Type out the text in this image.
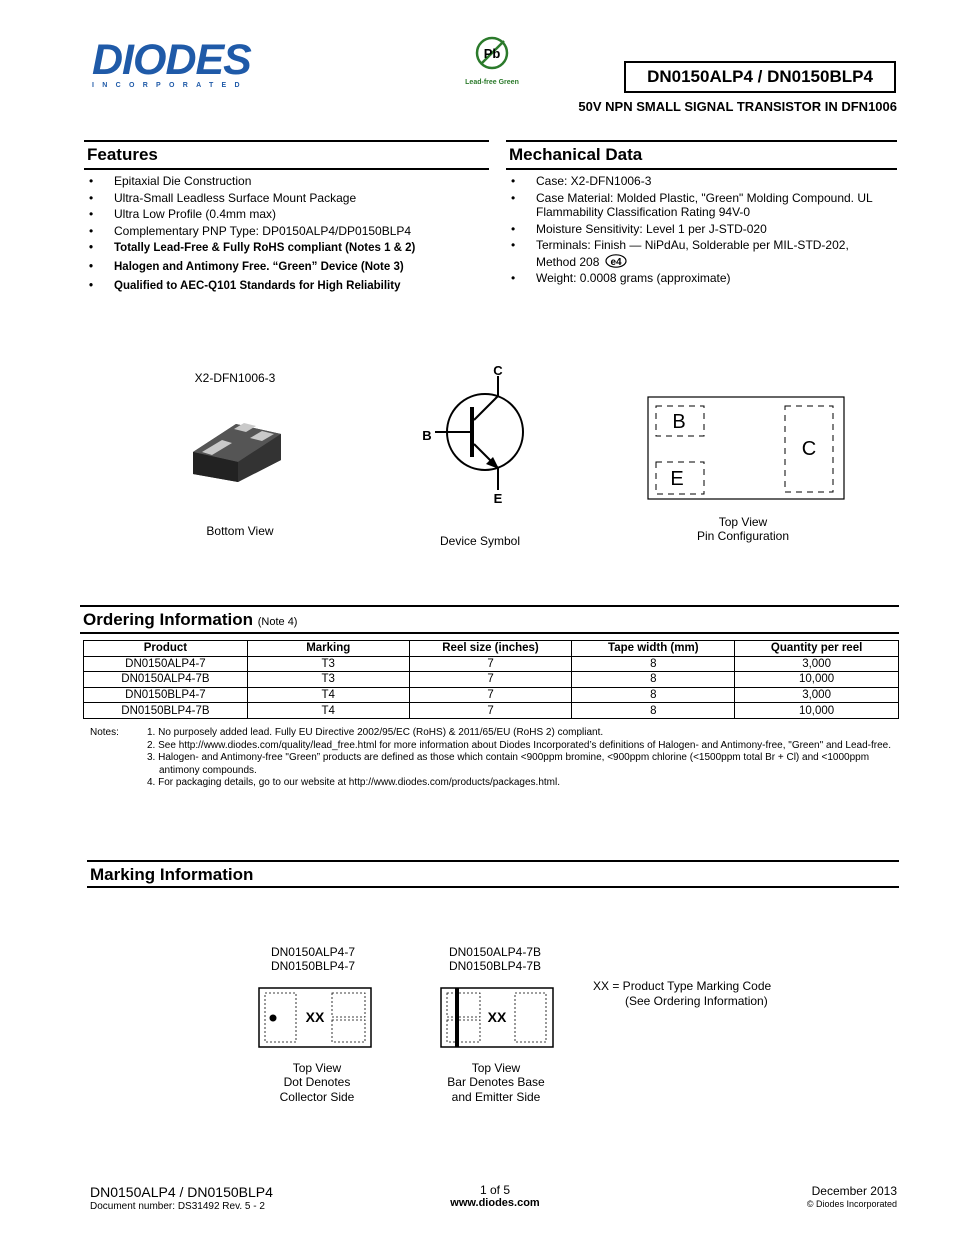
DIODES
INCORPORATED
Pb
Lead-free Green	DN0150ALP4 / DN0150BLP4
50V NPN SMALL SIGNAL TRANSISTOR IN DFN1006
Features
• Epitaxial Die Construction
• Ultra-Small Leadless Surface Mount Package
• Ultra Low Profile (0.4mm max)
• Complementary PNP Type: DP0150ALP4/DP0150BLP4
• Totally Lead-Free & Fully RoHS compliant (Notes 1 & 2)
• Halogen and Antimony Free. “Green” Device (Note 3)
• Qualified to AEC-Q101 Standards for High Reliability
Mechanical Data
• Case: X2-DFN1006-3
• Case Material: Molded Plastic, "Green" Molding Compound. UL Flammability Classification Rating 94V-0
• Moisture Sensitivity: Level 1 per J-STD-020
• Terminals: Finish — NiPdAu, Solderable per MIL-STD-202, Method 208 e4
• Weight: 0.0008 grams (approximate)
X2-DFN1006-3
Bottom View
C
B
E
Device Symbol
B
E
C
Top View
Pin Configuration
Ordering Information (Note 4)
Product	Marking	Reel size (inches)	Tape width (mm)	Quantity per reel
DN0150ALP4-7	T3	7	8	3,000
DN0150ALP4-7B	T3	7	8	10,000
DN0150BLP4-7	T4	7	8	3,000
DN0150BLP4-7B	T4	7	8	10,000
Notes:	1. No purposely added lead. Fully EU Directive 2002/95/EC (RoHS) & 2011/65/EU (RoHS 2) compliant.
2. See http://www.diodes.com/quality/lead_free.html for more information about Diodes Incorporated’s definitions of Halogen- and Antimony-free, "Green" and Lead-free.
3. Halogen- and Antimony-free "Green” products are defined as those which contain <900ppm bromine, <900ppm chlorine (<1500ppm total Br + Cl) and <1000ppm antimony compounds.
4. For packaging details, go to our website at http://www.diodes.com/products/packages.html.
Marking Information
DN0150ALP4-7
DN0150BLP4-7
DN0150ALP4-7B
DN0150BLP4-7B
XX	XX
XX = Product Type Marking Code
(See Ordering Information)
Top View
Dot Denotes
Collector Side
Top View
Bar Denotes Base
and Emitter Side
DN0150ALP4 / DN0150BLP4
Document number: DS31492 Rev. 5 - 2
1 of 5
www.diodes.com
December 2013
© Diodes Incorporated
